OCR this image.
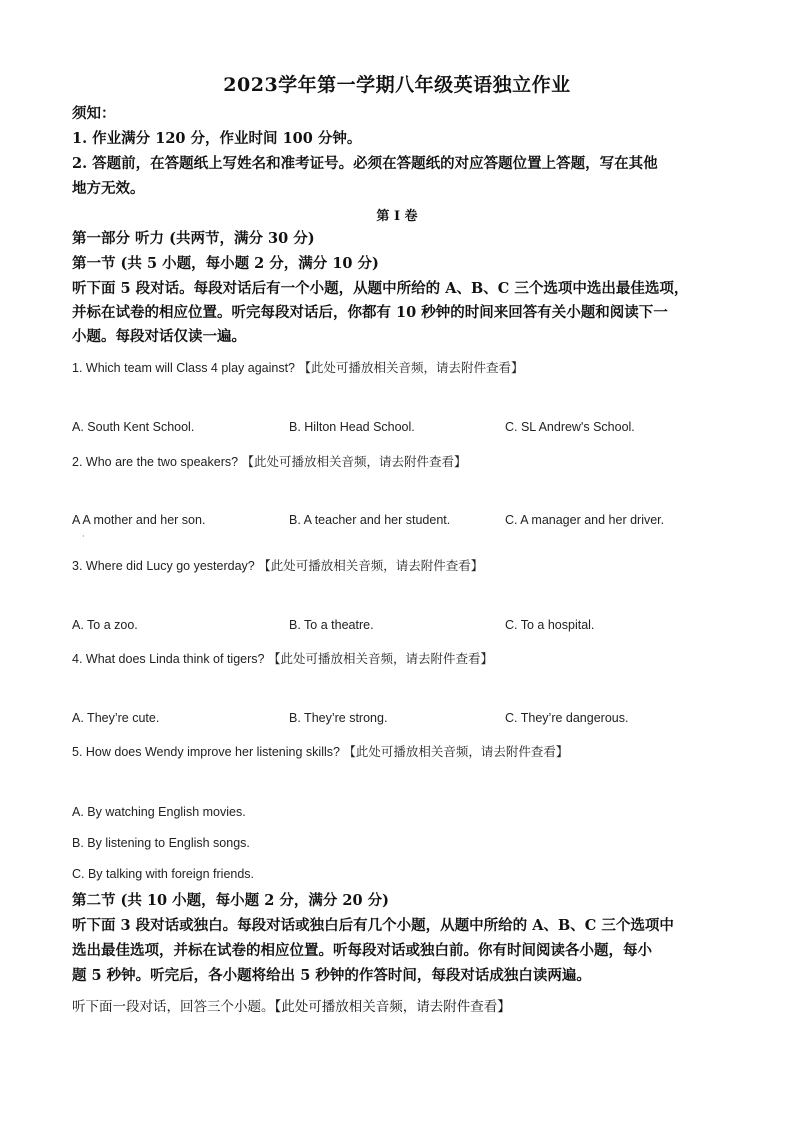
2023学年第一学期八年级英语独立作业
须知：
1. 作业满分 120 分，作业时间 100 分钟。
2. 答题前，在答题纸上写姓名和准考证号。必须在答题纸的对应答题位置上答题，写在其他
地方无效。
第 I 卷
第一部分 听力 (共两节，满分 30 分)
第一节 (共 5 小题，每小题 2 分，满分 10 分)
听下面 5 段对话。每段对话后有一个小题，从题中所给的 A、B、C 三个选项中选出最佳选项，
并标在试卷的相应位置。听完每段对话后，你都有 10 秒钟的时间来回答有关小题和阅读下一
小题。每段对话仅读一遍。
1. Which team will Class 4 play against? 【此处可播放相关音频，请去附件查看】
A. South Kent School.	B. Hilton Head School.	C. SL Andrew's School.
2. Who are the two speakers? 【此处可播放相关音频，请去附件查看】
A A mother and her son.	B. A teacher and her student.	C. A manager and her driver.
·
3. Where did Lucy go yesterday? 【此处可播放相关音频，请去附件查看】
A. To a zoo.	B. To a theatre.	C. To a hospital.
4. What does Linda think of tigers? 【此处可播放相关音频，请去附件查看】
A. They’re cute.	B. They’re strong.	C. They’re dangerous.
5. How does Wendy improve her listening skills? 【此处可播放相关音频，请去附件查看】
A. By watching English movies.
B. By listening to English songs.
C. By talking with foreign friends.
第二节 (共 10 小题，每小题 2 分，满分 20 分)
听下面 3 段对话或独白。每段对话或独白后有几个小题，从题中所给的 A、B、C 三个选项中
选出最佳选项，并标在试卷的相应位置。听每段对话或独白前。你有时间阅读各小题，每小
题 5 秒钟。听完后，各小题将给出 5 秒钟的作答时间，每段对话成独白读两遍。
听下面一段对话，回答三个小题。【此处可播放相关音频，请去附件查看】
